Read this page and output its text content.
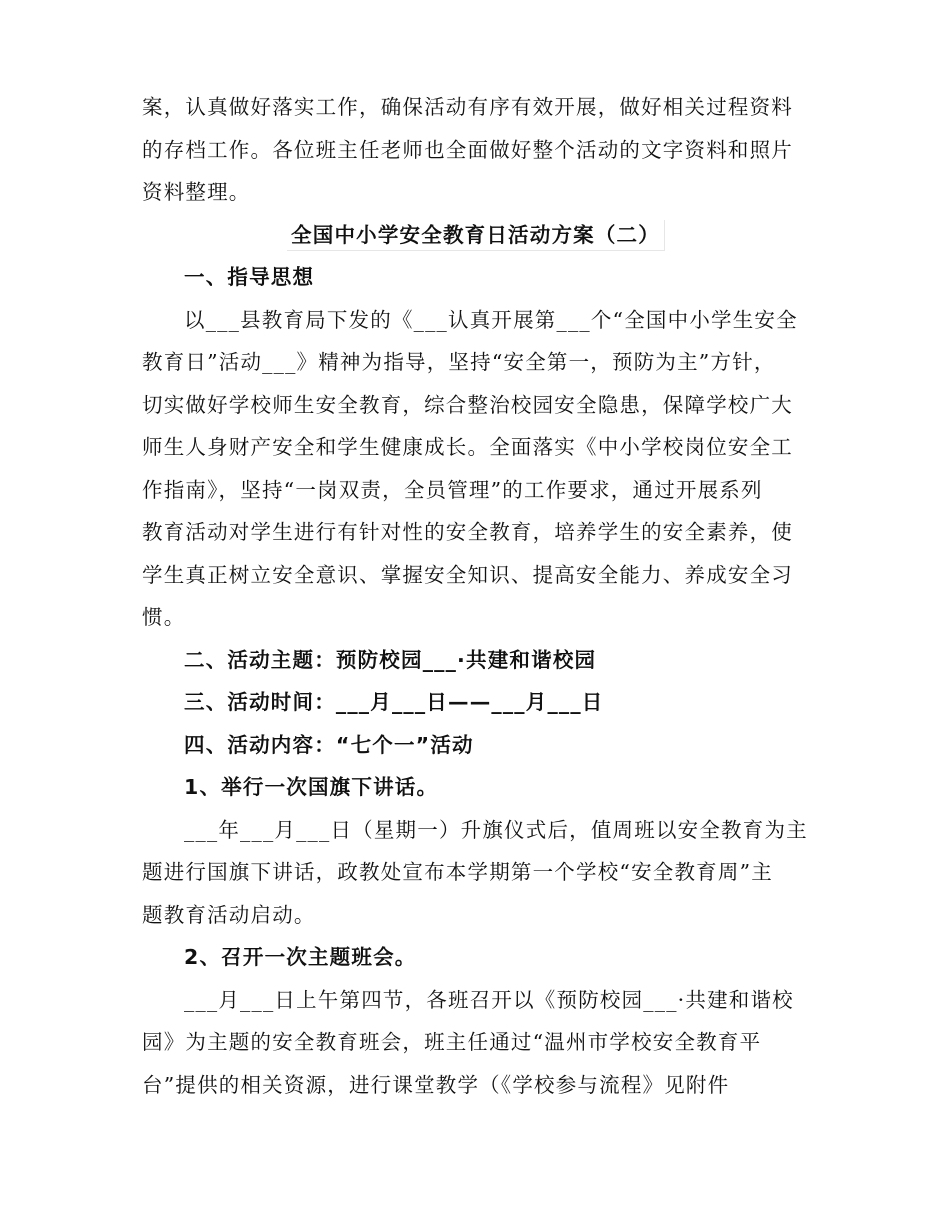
案，认真做好落实工作，确保活动有序有效开展，做好相关过程资料
的存档工作。各位班主任老师也全面做好整个活动的文字资料和照片
资料整理。
全国中小学安全教育日活动方案（二）
一、指导思想
以___县教育局下发的《___认真开展第___个“全国中小学生安全
教育日”活动___》精神为指导，坚持“安全第一，预防为主”方针，
切实做好学校师生安全教育，综合整治校园安全隐患，保障学校广大
师生人身财产安全和学生健康成长。全面落实《中小学校岗位安全工
作指南》，坚持“一岗双责，全员管理”的工作要求，通过开展系列
教育活动对学生进行有针对性的安全教育，培养学生的安全素养，使
学生真正树立安全意识、掌握安全知识、提高安全能力、养成安全习
惯。
二、活动主题：预防校园___·共建和谐校园
三、活动时间：___月___日——___月___日
四、活动内容：“七个一”活动
1、举行一次国旗下讲话。
___年___月___日（星期一）升旗仪式后，值周班以安全教育为主
题进行国旗下讲话，政教处宣布本学期第一个学校“安全教育周”主
题教育活动启动。
2、召开一次主题班会。
___月___日上午第四节，各班召开以《预防校园___·共建和谐校
园》为主题的安全教育班会，班主任通过“温州市学校安全教育平
台”提供的相关资源，进行课堂教学（《学校参与流程》见附件
